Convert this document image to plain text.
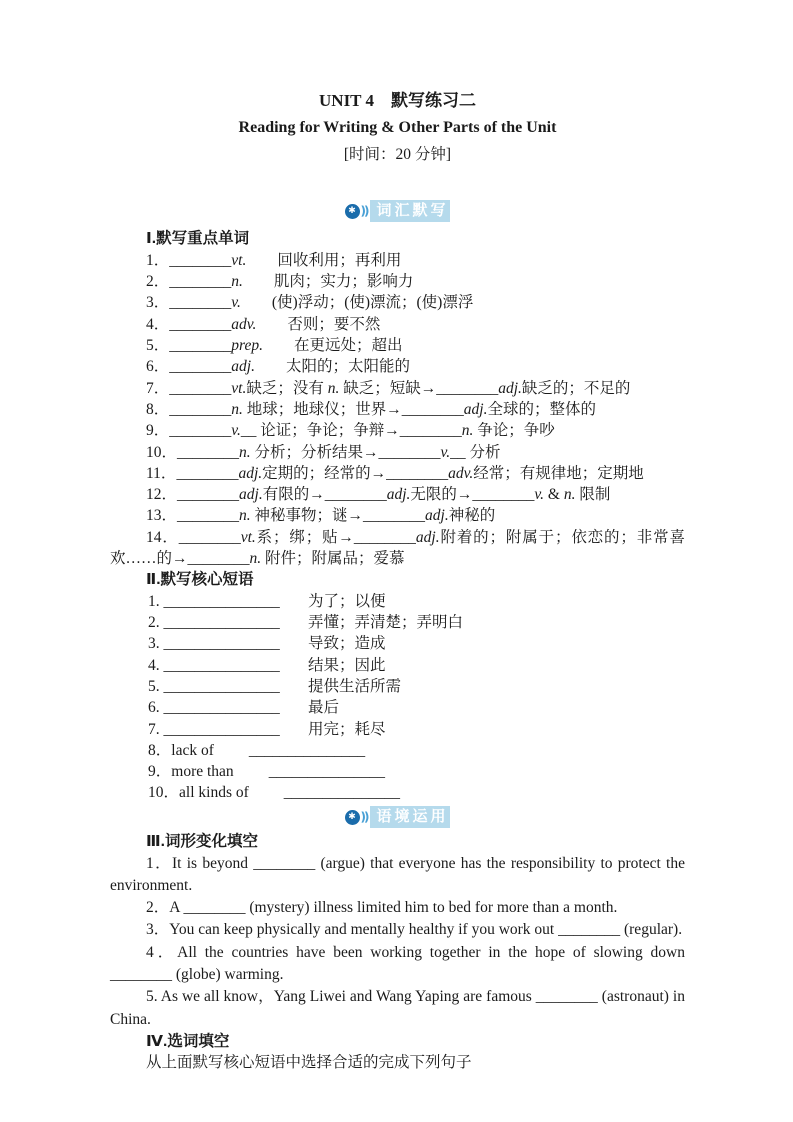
UNIT 4　默写练习二

Reading for Writing & Other Parts of the Unit

[时间：20 分钟]

✱ )) 词汇默写

Ⅰ.默写重点单词

1．________vt.　　回收利用；再利用
2．________n.　　肌肉；实力；影响力
3．________v.　　(使)浮动；(使)漂流；(使)漂浮
4．________adv.　　否则；要不然
5．________prep.　　在更远处；超出
6．________adj.　　太阳的；太阳能的
7．________vt.缺乏；没有 n. 缺乏；短缺→________adj.缺乏的；不足的
8．________n. 地球；地球仪；世界→________adj.全球的；整体的
9．________v.__ 论证；争论；争辩→________n. 争论；争吵
10．________n. 分析；分析结果→________v.__ 分析
11．________adj.定期的；经常的→________adv.经常；有规律地；定期地
12．________adj.有限的→________adj.无限的→________v. & n. 限制
13．________n. 神秘事物；谜→________adj.神秘的
14．________vt.系；绑；贴→________adj.附着的；附属于；依恋的；非常喜欢……的→________n. 附件；附属品；爱慕

Ⅱ.默写核心短语

1. _______________	为了；以便
2. _______________	弄懂；弄清楚；弄明白
3. _______________	导致；造成
4. _______________	结果；因此
5. _______________	提供生活所需
6. _______________	最后
7. _______________	用完；耗尽
8．lack of _______________
9．more than _______________
10．all kinds of _______________
✱ )) 语境运用

Ⅲ.词形变化填空

1．It is beyond ________ (argue) that everyone has the responsibility to protect the environment.

2．A ________ (mystery) illness limited him to bed for more than a month.

3．You can keep physically and mentally healthy if you work out ________ (regular).

4．All the countries have been working together in the hope of slowing down ________ (globe) warming.

5. As we all know，Yang Liwei and Wang Yaping are famous ________ (astronaut) in China.

Ⅳ.选词填空

从上面默写核心短语中选择合适的完成下列句子
